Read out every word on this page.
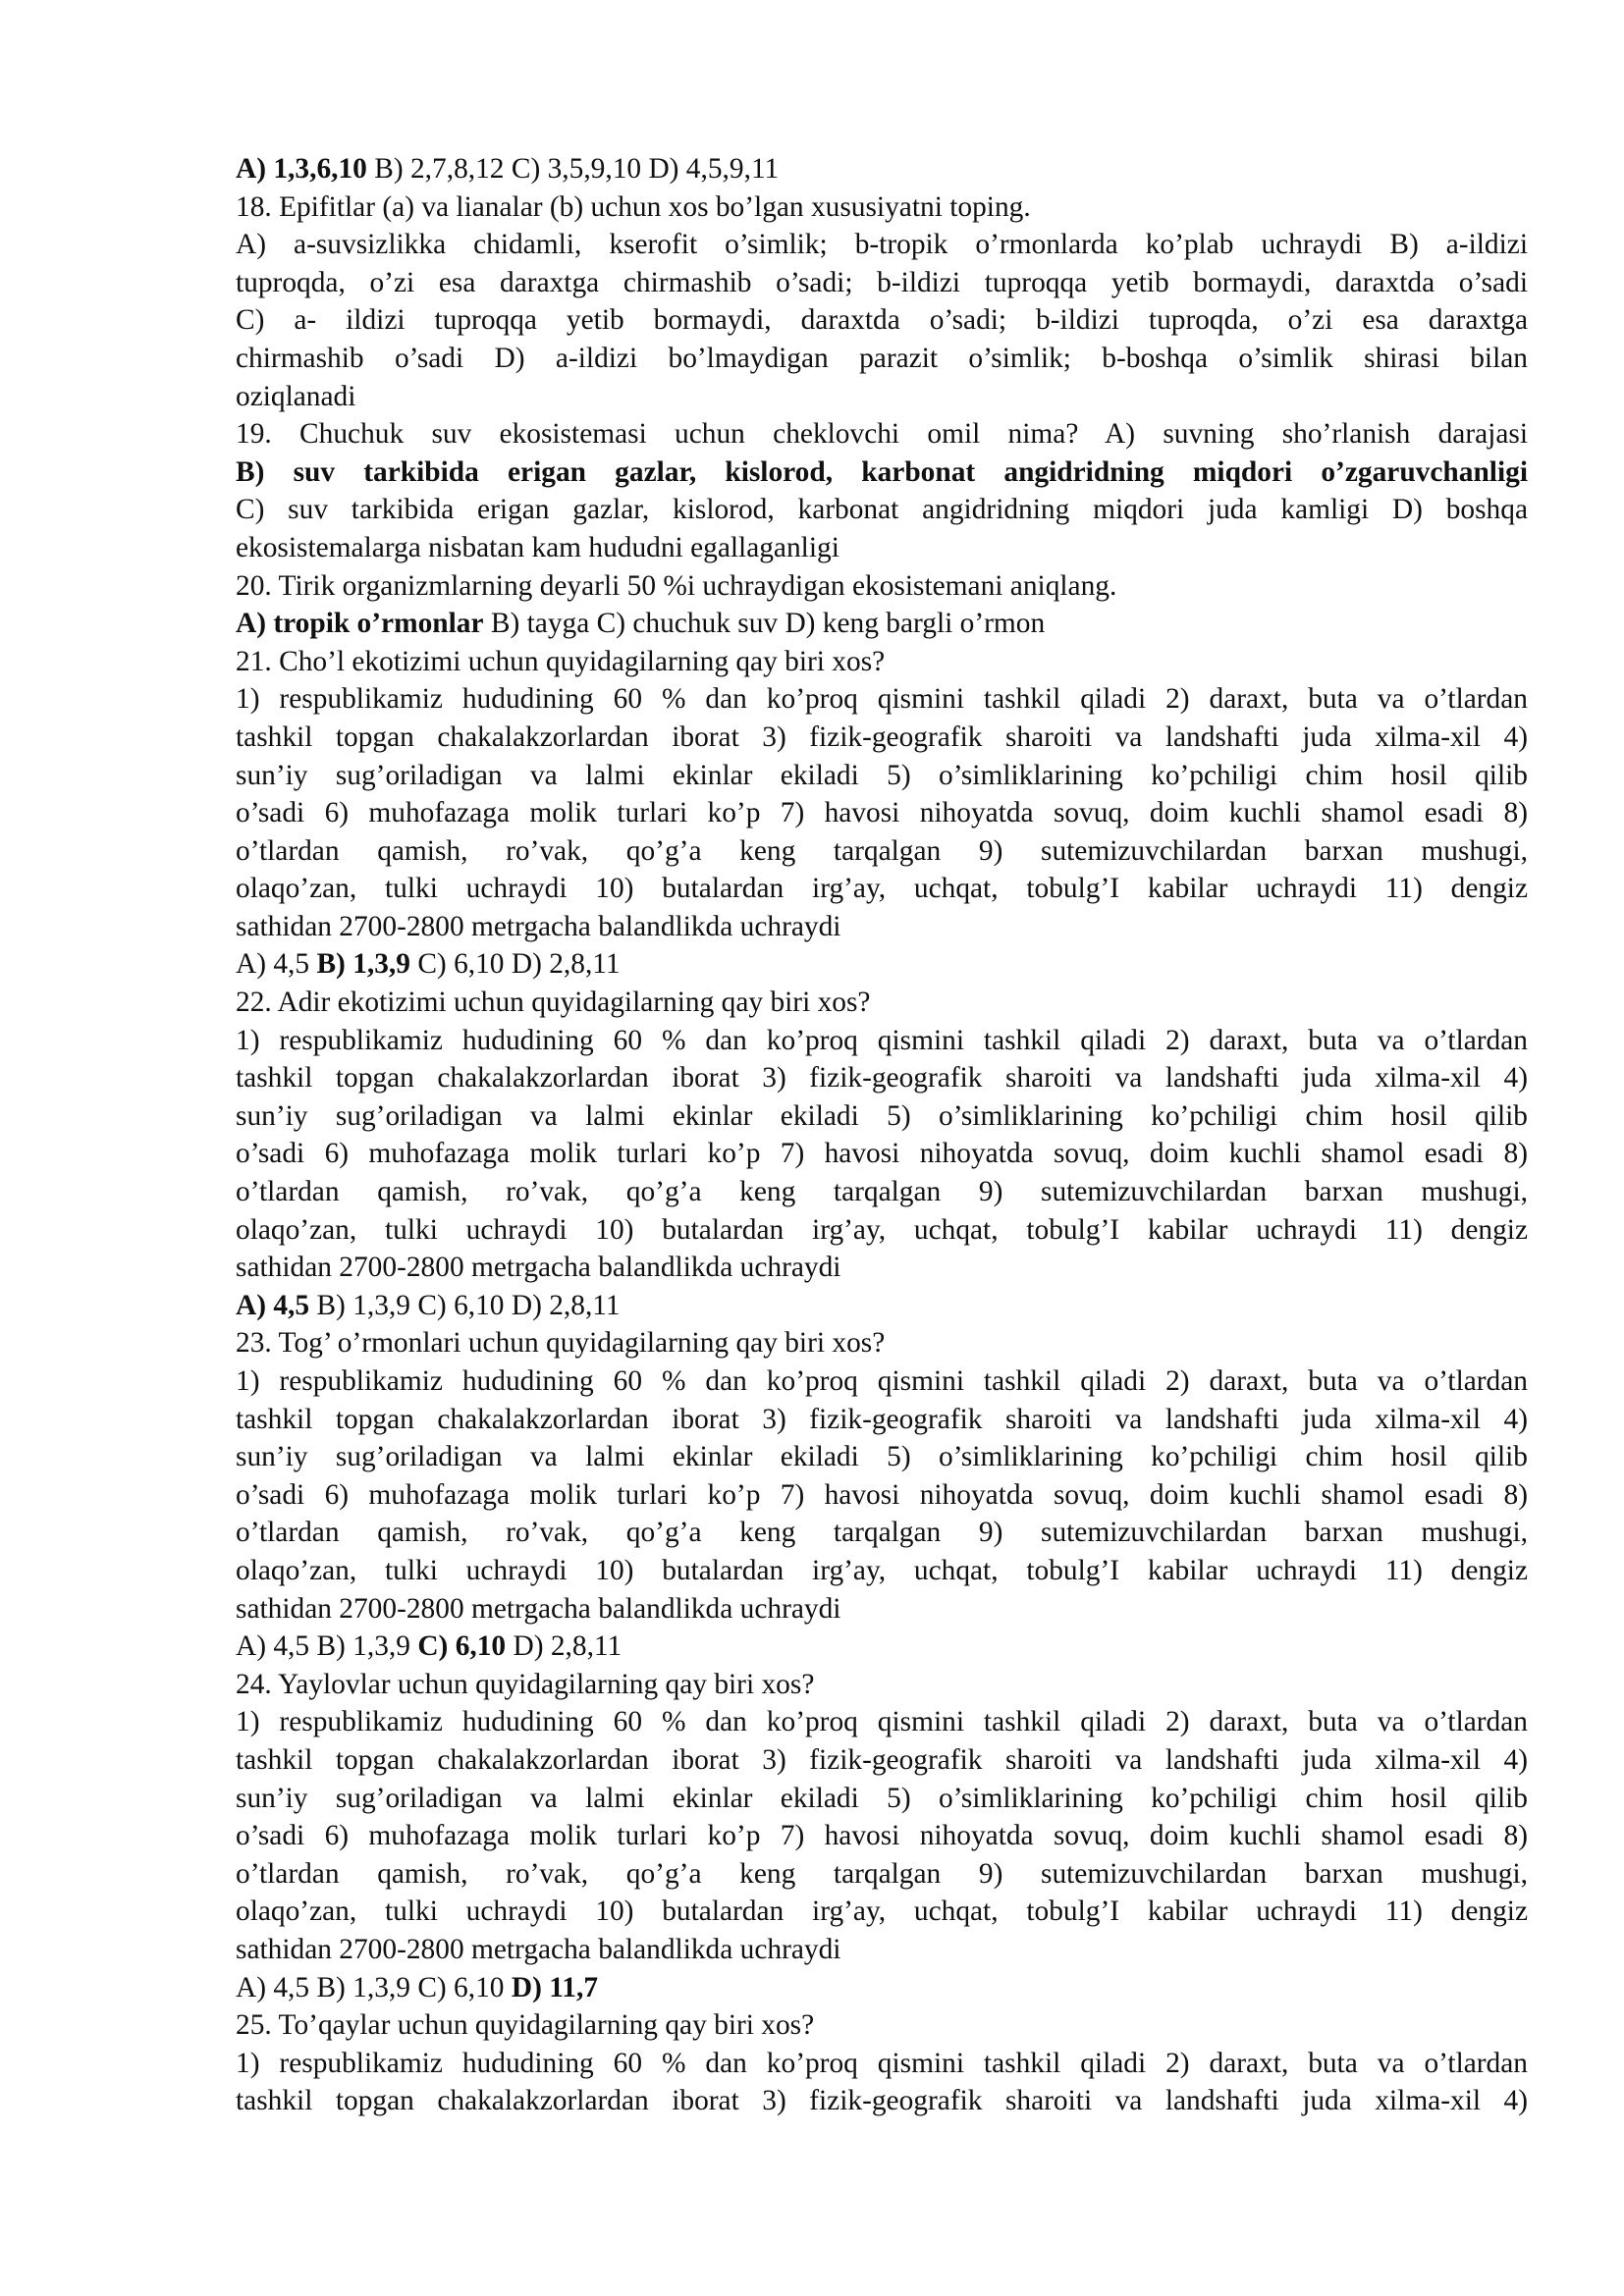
A) 1,3,6,10 B) 2,7,8,12 C) 3,5,9,10 D) 4,5,9,11
18. Epifitlar (a) va lianalar (b) uchun xos bo’lgan xususiyatni toping.
A) a-suvsizlikka chidamli, kserofit o’simlik; b-tropik o’rmonlarda ko’plab uchraydi B) a-ildizi
tuproqda, o’zi esa daraxtga chirmashib o’sadi; b-ildizi tuproqqa yetib bormaydi, daraxtda o’sadi
C) a- ildizi tuproqqa yetib bormaydi, daraxtda o’sadi; b-ildizi tuproqda, o’zi esa daraxtga
chirmashib o’sadi D) a-ildizi bo’lmaydigan parazit o’simlik; b-boshqa o’simlik shirasi bilan
oziqlanadi
19. Chuchuk suv ekosistemasi uchun cheklovchi omil nima? A) suvning sho’rlanish darajasi
B) suv tarkibida erigan gazlar, kislorod, karbonat angidridning miqdori o’zgaruvchanligi
C) suv tarkibida erigan gazlar, kislorod, karbonat angidridning miqdori juda kamligi D) boshqa
ekosistemalarga nisbatan kam hududni egallaganligi
20. Tirik organizmlarning deyarli 50 %i uchraydigan ekosistemani aniqlang.
A) tropik o’rmonlar B) tayga C) chuchuk suv D) keng bargli o’rmon
21. Cho’l ekotizimi uchun quyidagilarning qay biri xos?
1) respublikamiz hududining 60 % dan ko’proq qismini tashkil qiladi 2) daraxt, buta va o’tlardan
tashkil topgan chakalakzorlardan iborat 3) fizik-geografik sharoiti va landshafti juda xilma-xil 4)
sun’iy sug’oriladigan va lalmi ekinlar ekiladi 5) o’simliklarining ko’pchiligi chim hosil qilib
o’sadi 6) muhofazaga molik turlari ko’p 7) havosi nihoyatda sovuq, doim kuchli shamol esadi 8)
o’tlardan qamish, ro’vak, qo’g’a keng tarqalgan 9) sutemizuvchilardan barxan mushugi,
olaqo’zan, tulki uchraydi 10) butalardan irg’ay, uchqat, tobulg’I kabilar uchraydi 11) dengiz
sathidan 2700-2800 metrgacha balandlikda uchraydi
A) 4,5 B) 1,3,9 C) 6,10 D) 2,8,11
22. Adir ekotizimi uchun quyidagilarning qay biri xos?
1) respublikamiz hududining 60 % dan ko’proq qismini tashkil qiladi 2) daraxt, buta va o’tlardan
tashkil topgan chakalakzorlardan iborat 3) fizik-geografik sharoiti va landshafti juda xilma-xil 4)
sun’iy sug’oriladigan va lalmi ekinlar ekiladi 5) o’simliklarining ko’pchiligi chim hosil qilib
o’sadi 6) muhofazaga molik turlari ko’p 7) havosi nihoyatda sovuq, doim kuchli shamol esadi 8)
o’tlardan qamish, ro’vak, qo’g’a keng tarqalgan 9) sutemizuvchilardan barxan mushugi,
olaqo’zan, tulki uchraydi 10) butalardan irg’ay, uchqat, tobulg’I kabilar uchraydi 11) dengiz
sathidan 2700-2800 metrgacha balandlikda uchraydi
A) 4,5 B) 1,3,9 C) 6,10 D) 2,8,11
23. Tog’ o’rmonlari uchun quyidagilarning qay biri xos?
1) respublikamiz hududining 60 % dan ko’proq qismini tashkil qiladi 2) daraxt, buta va o’tlardan
tashkil topgan chakalakzorlardan iborat 3) fizik-geografik sharoiti va landshafti juda xilma-xil 4)
sun’iy sug’oriladigan va lalmi ekinlar ekiladi 5) o’simliklarining ko’pchiligi chim hosil qilib
o’sadi 6) muhofazaga molik turlari ko’p 7) havosi nihoyatda sovuq, doim kuchli shamol esadi 8)
o’tlardan qamish, ro’vak, qo’g’a keng tarqalgan 9) sutemizuvchilardan barxan mushugi,
olaqo’zan, tulki uchraydi 10) butalardan irg’ay, uchqat, tobulg’I kabilar uchraydi 11) dengiz
sathidan 2700-2800 metrgacha balandlikda uchraydi
A) 4,5 B) 1,3,9 C) 6,10 D) 2,8,11
24. Yaylovlar uchun quyidagilarning qay biri xos?
1) respublikamiz hududining 60 % dan ko’proq qismini tashkil qiladi 2) daraxt, buta va o’tlardan
tashkil topgan chakalakzorlardan iborat 3) fizik-geografik sharoiti va landshafti juda xilma-xil 4)
sun’iy sug’oriladigan va lalmi ekinlar ekiladi 5) o’simliklarining ko’pchiligi chim hosil qilib
o’sadi 6) muhofazaga molik turlari ko’p 7) havosi nihoyatda sovuq, doim kuchli shamol esadi 8)
o’tlardan qamish, ro’vak, qo’g’a keng tarqalgan 9) sutemizuvchilardan barxan mushugi,
olaqo’zan, tulki uchraydi 10) butalardan irg’ay, uchqat, tobulg’I kabilar uchraydi 11) dengiz
sathidan 2700-2800 metrgacha balandlikda uchraydi
A) 4,5 B) 1,3,9 C) 6,10 D) 11,7
25. To’qaylar uchun quyidagilarning qay biri xos?
1) respublikamiz hududining 60 % dan ko’proq qismini tashkil qiladi 2) daraxt, buta va o’tlardan
tashkil topgan chakalakzorlardan iborat 3) fizik-geografik sharoiti va landshafti juda xilma-xil 4)
